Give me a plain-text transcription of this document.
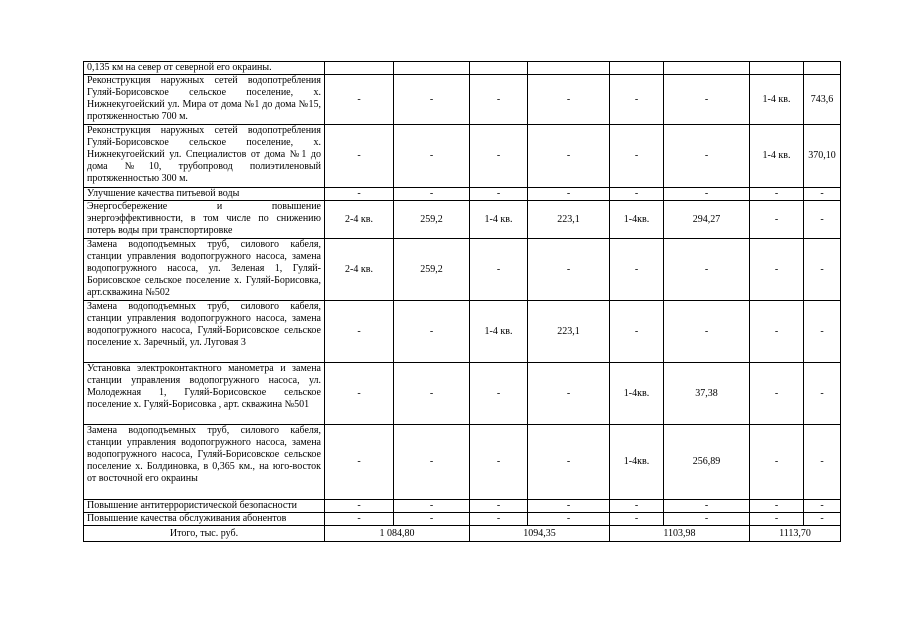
0,135 км на север от северной его окраины.								
Реконструкция наружных сетей водопотребления Гуляй-Борисовское сельское поселение, х. Нижнекугоейский ул. Мира от дома №1 до дома №15, протяженностью 700 м.	-	-	-	-	-	-	1-4 кв.	743,6
Реконструкция наружных сетей водопотребления Гуляй-Борисовское сельское поселение, х. Нижнекугоейский ул. Специалистов от дома №1 до дома №10, трубопровод полиэтиленовый протяженностью 300 м.	-	-	-	-	-	-	1-4 кв.	370,10
Улучшение качества питьевой воды	-	-	-	-	-	-	-	-
Энергосбережение и повышение энергоэффективности, в том числе по снижению потерь воды при транспортировке	2-4 кв.	259,2	1-4 кв.	223,1	1-4кв.	294,27	-	-
Замена водоподъемных труб, силового кабеля, станции управления водопогружного насоса, замена водопогружного насоса, ул. Зеленая 1, Гуляй-Борисовское сельское поселение х. Гуляй-Борисовка, арт.скважина №502	2-4 кв.	259,2	-	-	-	-	-	-
Замена водоподъемных труб, силового кабеля, станции управления водопогружного насоса, замена водопогружного насоса, Гуляй-Борисовское сельское поселение х. Заречный, ул. Луговая 3	-	-	1-4 кв.	223,1	-	-	-	-
Установка электроконтактного манометра и замена станции управления водопогружного насоса, ул. Молодежная 1, Гуляй-Борисовское сельское поселение х. Гуляй-Борисовка , арт. скважина №501	-	-	-	-	1-4кв.	37,38	-	-
Замена водоподъемных труб, силового кабеля, станции управления водопогружного насоса, замена водопогружного насоса, Гуляй-Борисовское сельское поселение х. Болдиновка, в 0,365 км., на юго-восток от восточной его окраины	-	-	-	-	1-4кв.	256,89	-	-
Повышение антитеррористической безопасности	-	-	-	-	-	-	-	-
Повышение качества обслуживания абонентов	-	-	-	-	-	-	-	-
Итого, тыс. руб.	1 084,80		1094,35		1103,98		1113,70	
